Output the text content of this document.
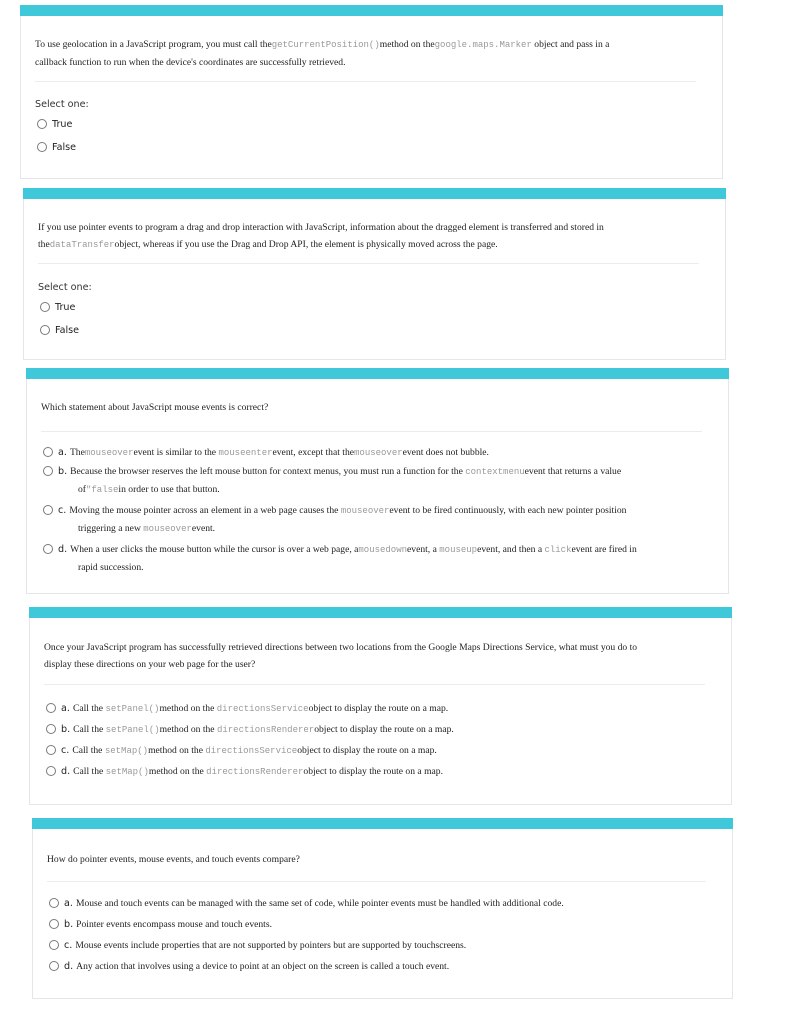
To use geolocation in a JavaScript program, you must call thegetCurrentPosition()method on thegoogle.maps.Marker object and pass in a
callback function to run when the device's coordinates are successfully retrieved.
Select one:
True
False
If you use pointer events to program a drag and drop interaction with JavaScript, information about the dragged element is transferred and stored in
thedataTransferobject, whereas if you use the Drag and Drop API, the element is physically moved across the page.
Select one:
True
False
Which statement about JavaScript mouse events is correct?
a. Themouseoverevent is similar to the mouseenterevent, except that themouseoverevent does not bubble.
b. Because the browser reserves the left mouse button for context menus, you must run a function for the contextmenuevent that returns a value
of"falsein order to use that button.
c. Moving the mouse pointer across an element in a web page causes the mouseoverevent to be fired continuously, with each new pointer position
triggering a new mouseoverevent.
d. When a user clicks the mouse button while the cursor is over a web page, amousedownevent, a mouseupevent, and then a clickevent are fired in
rapid succession.
Once your JavaScript program has successfully retrieved directions between two locations from the Google Maps Directions Service, what must you do to
display these directions on your web page for the user?
a. Call the setPanel()method on the directionsServiceobject to display the route on a map.
b. Call the setPanel()method on the directionsRendererobject to display the route on a map.
c. Call the setMap()method on the directionsServiceobject to display the route on a map.
d. Call the setMap()method on the directionsRendererobject to display the route on a map.
How do pointer events, mouse events, and touch events compare?
a. Mouse and touch events can be managed with the same set of code, while pointer events must be handled with additional code.
b. Pointer events encompass mouse and touch events.
c. Mouse events include properties that are not supported by pointers but are supported by touchscreens.
d. Any action that involves using a device to point at an object on the screen is called a touch event.
